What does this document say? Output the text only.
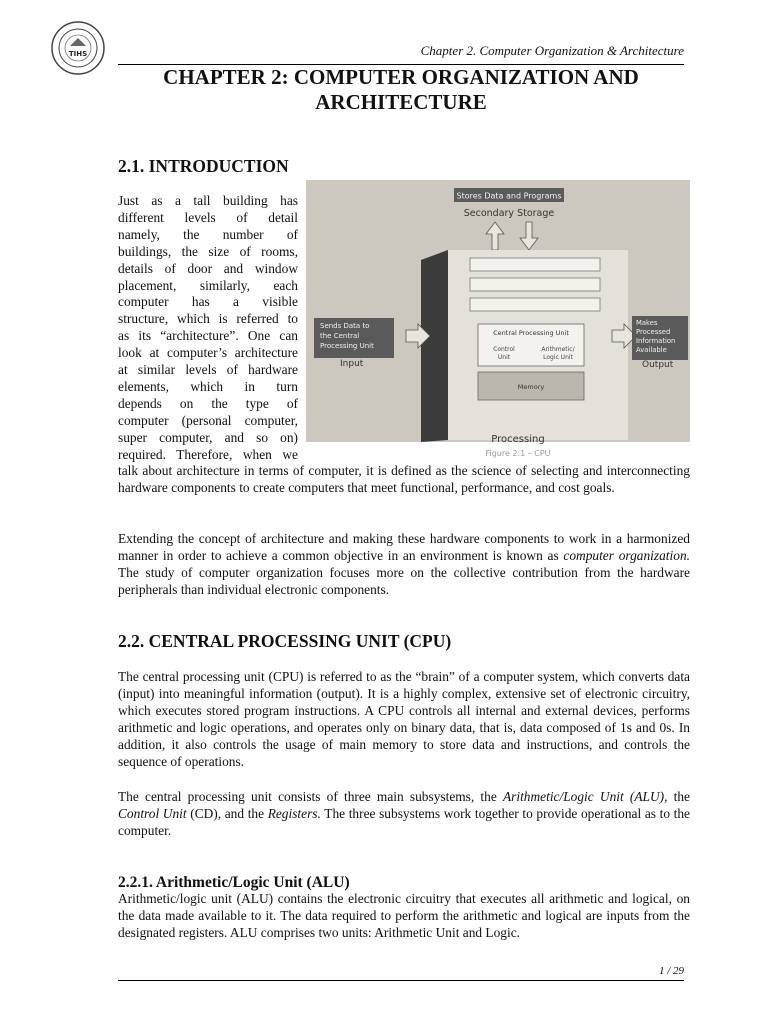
TIHS	Chapter 2. Computer Organization & Architecture
CHAPTER 2: COMPUTER ORGANIZATION AND ARCHITECTURE
2.1. INTRODUCTION
Just as a tall building has
different levels of detail
namely, the number of
buildings, the size of rooms,
details of door and window
placement, similarly, each
computer has a visible
structure, which is referred to
as its “architecture”. One can
look at computer’s architecture
at similar levels of hardware
elements, which in turn
depends on the type of
computer (personal computer,
super computer, and so on)
required. Therefore, when we
Stores Data and Programs
Secondary Storage
Central Processing Unit
Control
Unit
Arithmetic/
Logic Unit
Memory
Sends Data to
the Central
Processing Unit
Input
Makes
Processed
Information
Available
Output
Processing
Figure 2.1 – CPU

talk about architecture in terms of computer, it is defined as the science of selecting and interconnecting hardware components to create computers that meet functional, performance, and cost goals.

Extending the concept of architecture and making these hardware components to work in a harmonized manner in order to achieve a common objective in an environment is known as computer organization. The study of computer organization focuses more on the collective contribution from the hardware peripherals than individual electronic components.

2.2. CENTRAL PROCESSING UNIT (CPU)

The central processing unit (CPU) is referred to as the “brain” of a computer system, which converts data (input) into meaningful information (output). It is a highly complex, extensive set of electronic circuitry, which executes stored program instructions. A CPU controls all internal and external devices, performs arithmetic and logic operations, and operates only on binary data, that is, data composed of 1s and 0s. In addition, it also controls the usage of main memory to store data and instructions, and controls the sequence of operations.

The central processing unit consists of three main subsystems, the Arithmetic/Logic Unit (ALU), the Control Unit (CD), and the Registers. The three subsystems work together to provide operational as to the computer.

2.2.1. Arithmetic/Logic Unit (ALU)

Arithmetic/logic unit (ALU) contains the electronic circuitry that executes all arithmetic and logical, on the data made available to it. The data required to perform the arithmetic and logical are inputs from the designated registers. ALU comprises two units: Arithmetic Unit and Logic.

1 / 29
